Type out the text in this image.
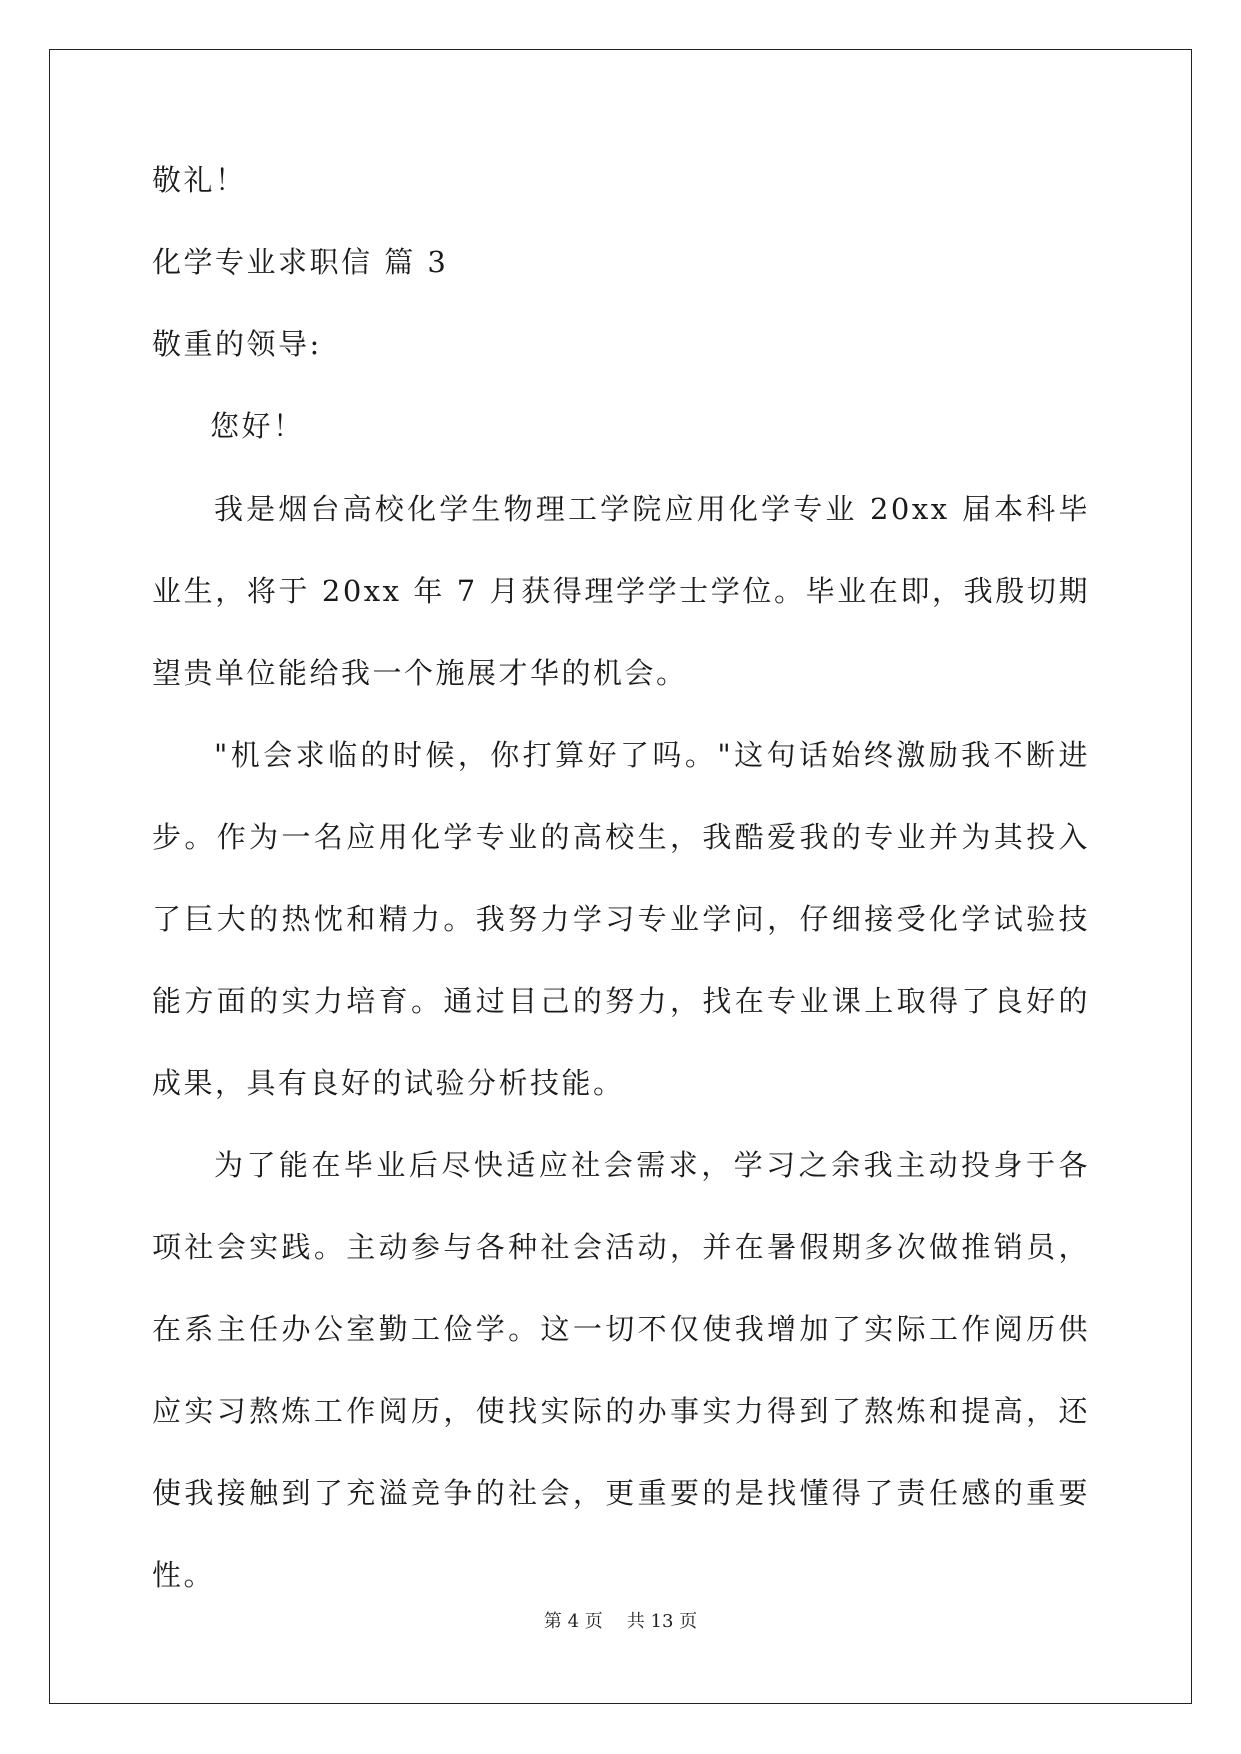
敬礼！

化学专业求职信 篇 3

敬重的领导:

您好！

我是烟台高校化学生物理工学院应用化学专业 20xx 届本科毕业生，将于 20xx 年 7 月获得理学学士学位。毕业在即，我殷切期望贵单位能给我一个施展才华的机会。

"机会求临的时候，你打算好了吗。"这句话始终激励我不断进步。作为一名应用化学专业的高校生，我酷爱我的专业并为其投入了巨大的热忱和精力。我努力学习专业学问，仔细接受化学试验技能方面的实力培育。通过目己的努力，找在专业课上取得了良好的成果，具有良好的试验分析技能。

为了能在毕业后尽快适应社会需求，学习之余我主动投身于各项社会实践。主动参与各种社会活动，并在暑假期多次做推销员，在系主任办公室勤工俭学。这一切不仅使我增加了实际工作阅历供应实习熬炼工作阅历，使找实际的办事实力得到了熬炼和提高，还使我接触到了充溢竞争的社会，更重要的是找懂得了责任感的重要性。

第 4 页 共 13 页
